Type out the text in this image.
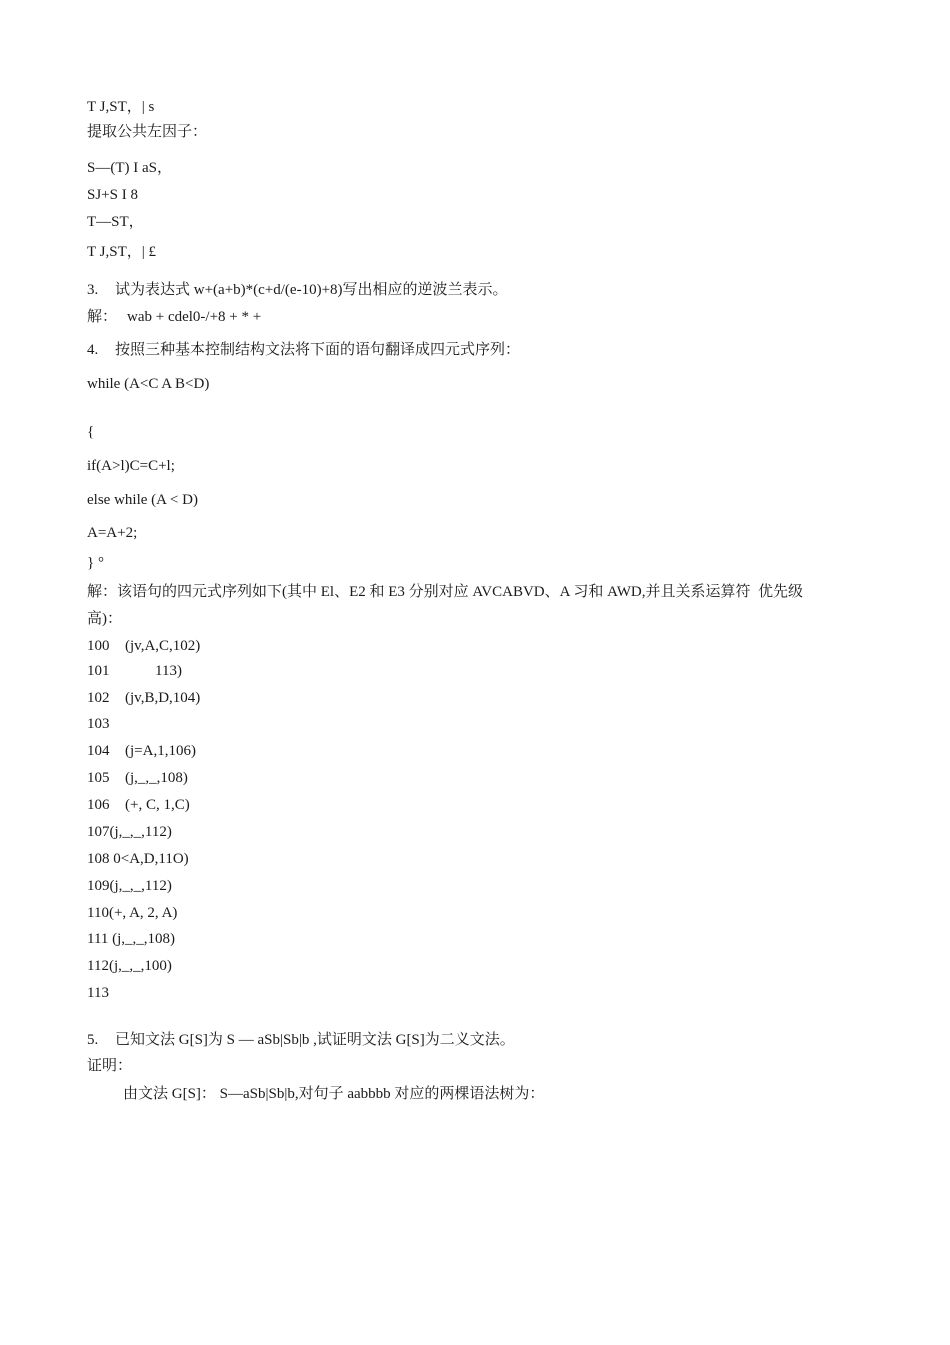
T J,ST，| s
提取公共左因子：
S—(T) I aS，
SJ+S I 8
T—ST，
T J,ST，| £
3. 试为表达式 w+(a+b)*(c+d/(e-10)+8)写出相应的逆波兰表示。
解： wab + cdel0-/+8 + * +
4. 按照三种基本控制结构文法将下面的语句翻译成四元式序列：
while (A<C A B<D)
{
if(A>l)C=C+l;
else while (A < D)
A=A+2;
} °
解：该语句的四元式序列如下(其中 El、E2 和 E3 分别对应 AVCABVD、A 习和 AWD,并且关系运算符  优先级
高)：
100 (jv,A,C,102)
101        113)
102 (jv,B,D,104)
103
104 (j=A,1,106)
105 (j,_,_,108)
106 (+, C, 1,C)
107(j,_,_,112)
108 0<A,D,11O)
109(j,_,_,112)
110(+, A, 2, A)
111 (j,_,_,108)
112(j,_,_,100)
113
5. 已知文法 G[S]为 S — aSb|Sb|b ,试证明文法 G[S]为二义文法。
证明：
由文法 G[S]： S—aSb|Sb|b,对句子 aabbbb 对应的两棵语法树为：
